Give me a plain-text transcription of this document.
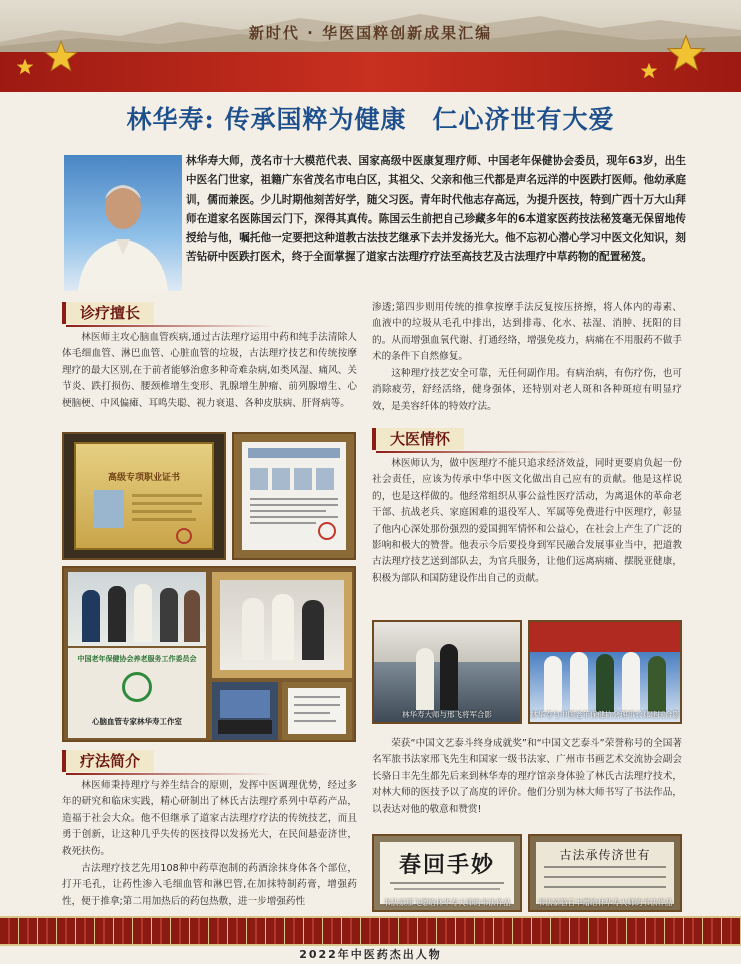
新时代 · 华医国粹创新成果汇编
林华寿: 传承国粹为健康　仁心济世有大爱
林华寿大师，茂名市十大模范代表、国家高级中医康复理疗师、中国老年保健协会委员，现年63岁，出生中医名门世家，祖籍广东省茂名市电白区，其祖父、父亲和他三代都是声名远洋的中医跌打医师。他幼承庭训，儒而兼医。少儿时期他刻苦好学，随父习医。青年时代他志存高远，为提升医技，特到广西十万大山拜师在道家名医陈国云门下，深得其真传。陈国云生前把自己珍藏多年的6本道家医药技法秘笈毫无保留地传授给与他，嘱托他一定要把这种道教古法技艺继承下去并发扬光大。他不忘初心潜心学习中医文化知识，刻苦钻研中医跌打医术，终于全面掌握了道家古法理疗疗法至高技艺及古法理疗中草药物的配置秘笈。
诊疗擅长
林医师主攻心脑血管疾病,通过古法理疗运用中药和纯手法清除人体毛细血管、淋巴血管、心脏血管的垃圾，古法理疗技艺和传统按摩理疗的最大区别,在于前者能够治愈多种奇难杂病,如类风湿、痛风、关节炎、跌打损伤、腰颈椎增生变形、乳腺增生肿瘤、前列腺增生、心梗脑梗、中风偏瘫、耳鸣失聪、视力衰退、各种皮肤病、肝肾病等。
高级专项职业证书
中国老年保健协会养老服务工作委员会
心脑血管专家林华寿工作室
疗法简介
林医师秉持理疗与养生结合的原则，发挥中医调理优势，经过多年的研究和临床实践，精心研制出了林氏古法理疗系列中草药产品，造福于社会大众。他不但继承了道家古法理疗疗法的传统技艺，而且勇于创新，让这种几乎失传的医技得以发扬光大，在民间悬壶济世，救死扶伤。
古法理疗技艺先用108种中药草泡制的药酒涂抹身体各个部位，打开毛孔，让药性渗入毛细血管和淋巴管,在加抹特制药膏，增强药性，便于推拿;第二用加热后的药包热敷，进一步增强药性
渗透;第四步则用传统的推拿按摩手法反复按压挤擦，将人体内的毒素、血液中的垃圾从毛孔中排出，达到排毒、化水、祛湿、消肿、抚阳的目的。从而增强血氧代谢、打通经络，增强免疫力，病痛在不用服药不做手术的条件下自然修复。
这种理疗技艺安全可靠，无任何副作用。有病治病，有伤疗伤，也可消除疲劳，舒经活络，健身强体，还特别对老人斑和各种斑痘有明显疗效，是美容纤体的特效疗法。
大医情怀
林医师认为，做中医理疗不能只追求经济效益，同时更要肩负起一份社会责任，应该为传承中华中医文化做出自己应有的贡献。他是这样说的，也是这样做的。他经常组织从事公益性医疗活动，为离退休的革命老干部、抗战老兵、家庭困难的退役军人、军属等免费进行中医理疗，彰显了他内心深处那份强烈的爱国拥军情怀和公益心，在社会上产生了广泛的影响和极大的赞誉。他表示今后要投身到军民融合发展事业当中，把道教古法理疗技艺送到部队去，为官兵服务，让他们远离病痛、摆脱亚健康，积极为部队和国防建设作出自己的贡献。
林华寿大师与邢飞将军合影	林华寿与中国老年保健协会理事长郑建国合影
荣获“中国文艺泰斗终身成就奖”和“中国文艺泰斗”荣誉称号的全国著名军旅书法家邢飞先生和国家一级书法家、广州市书画艺术交流协会副会长骆日丰先生都先后来到林华寿的理疗馆亲身体验了林氏古法理疗技术，对林大师的医技予以了高度的评价。他们分别为林大师书写了书法作品，以表达对他的敬意和赞赏!
春回手妙
书法家邢飞赠给林华寿大师的书法作品
古法承传济世有
书法家骆日丰赠给林华寿大师的书法作品
2022年中医药杰出人物
